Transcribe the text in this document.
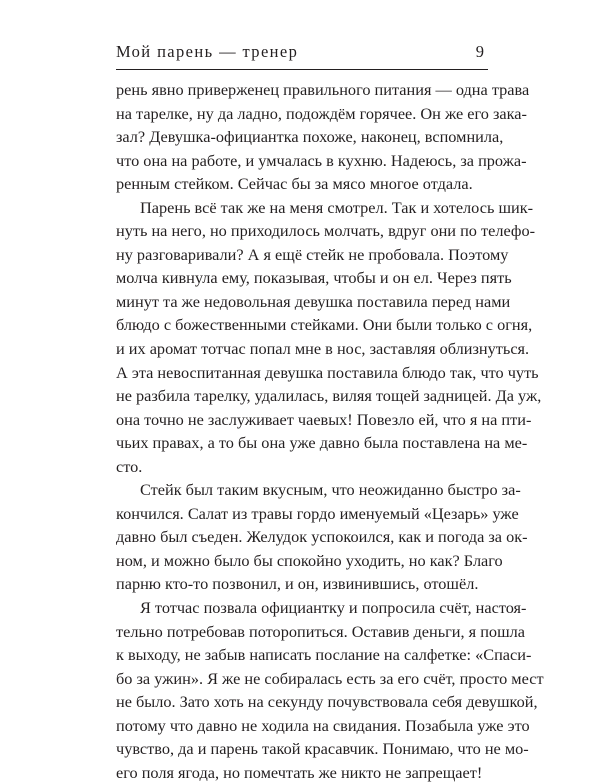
Мой парень — тренер	9
рень явно приверженец правильного питания — одна трава
на тарелке, ну да ладно, подождём горячее. Он же его зака-
зал? Девушка-официантка похоже, наконец, вспомнила,
что она на работе, и умчалась в кухню. Надеюсь, за прожа-
ренным стейком. Сейчас бы за мясо многое отдала.
Парень всё так же на меня смотрел. Так и хотелось шик-
нуть на него, но приходилось молчать, вдруг они по телефо-
ну разговаривали? А я ещё стейк не пробовала. Поэтому
молча кивнула ему, показывая, чтобы и он ел. Через пять
минут та же недовольная девушка поставила перед нами
блюдо с божественными стейками. Они были только с огня,
и их аромат тотчас попал мне в нос, заставляя облизнуться.
А эта невоспитанная девушка поставила блюдо так, что чуть
не разбила тарелку, удалилась, виляя тощей задницей. Да уж,
она точно не заслуживает чаевых! Повезло ей, что я на пти-
чьих правах, а то бы она уже давно была поставлена на ме-
сто.
Стейк был таким вкусным, что неожиданно быстро за-
кончился. Салат из травы гордо именуемый «Цезарь» уже
давно был съеден. Желудок успокоился, как и погода за ок-
ном, и можно было бы спокойно уходить, но как? Благо
парню кто-то позвонил, и он, извинившись, отошёл.
Я тотчас позвала официантку и попросила счёт, настоя-
тельно потребовав поторопиться. Оставив деньги, я пошла
к выходу, не забыв написать послание на салфетке: «Спаси-
бо за ужин». Я же не собиралась есть за его счёт, просто мест
не было. Зато хоть на секунду почувствовала себя девушкой,
потому что давно не ходила на свидания. Позабыла уже это
чувство, да и парень такой красавчик. Понимаю, что не мо-
его поля ягода, но помечтать же никто не запрещает!
